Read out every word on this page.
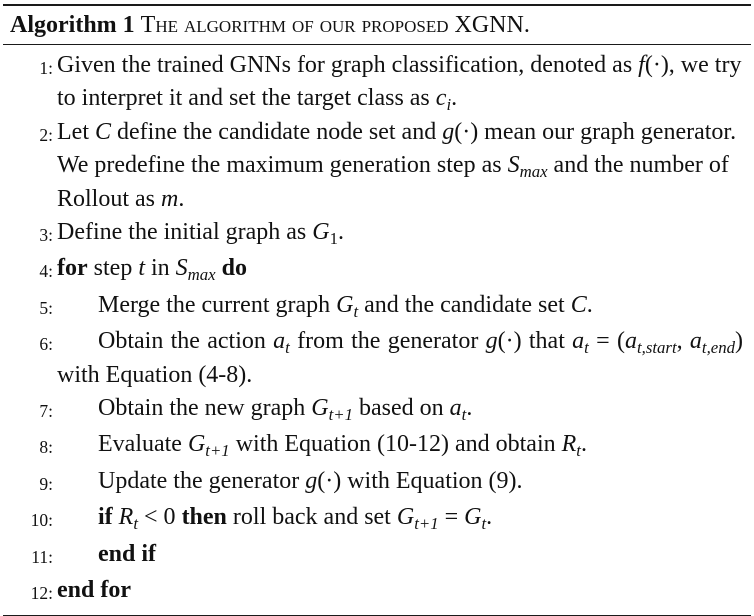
Algorithm 1 The algorithm of our proposed XGNN.
1: Given the trained GNNs for graph classification, denoted as f(·), we try to interpret it and set the target class as $c_i$.
2: Let C define the candidate node set and g(·) mean our graph generator. We predefine the maximum generation step as $S_{max}$ and the number of Rollout as m.
3: Define the initial graph as $G_1$.
4: for step t in $S_{max}$ do
5:	Merge the current graph $G_t$ and the candidate set C.
6:	Obtain the action $a_t$ from the generator g(·) that $a_t = (a_{t,start}$, $a_{t,end}$) with Equation (4-8).
7:	Obtain the new graph $G_{t+1}$ based on $a_t$.
8:	Evaluate $G_{t+1}$ with Equation (10-12) and obtain $R_t$.
9:	Update the generator g(·) with Equation (9).
10:	if $R_t < 0$ then roll back and set $G_{t+1} = G_t$.
11:	end if
12: end for
